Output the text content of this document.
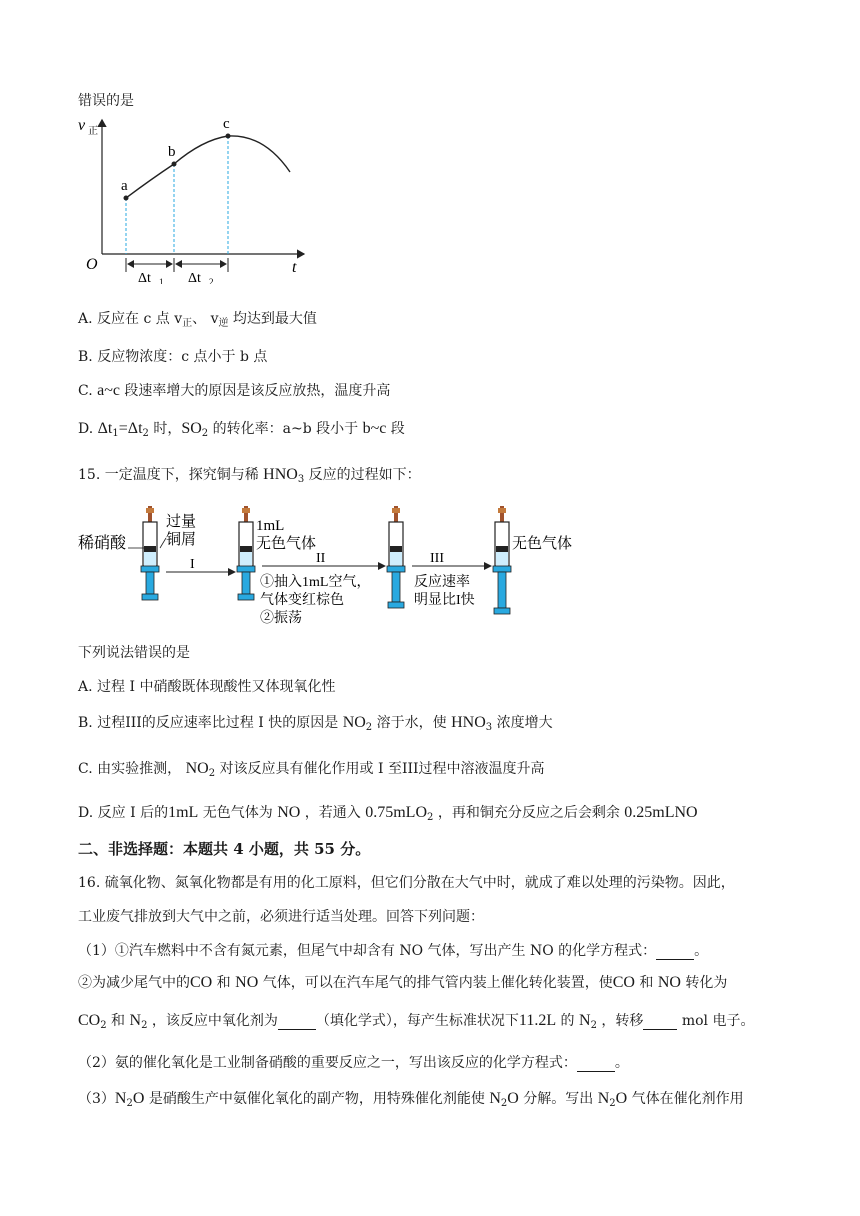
错误的是
v 正
O	t
a
b
c
Δt 1 Δt 2
A. 反应在 c 点 $v_正$、 $v_逆$ 均达到最大值
B. 反应物浓度：c 点小于 b 点
C. a~c 段速率增大的原因是该反应放热，温度升高
D. $\Delta t_1=\Delta t_2$ 时，$SO_2$ 的转化率：a~b 段小于 b~c 段
15. 一定温度下，探究铜与稀 $HNO_3$ 反应的过程如下：
稀硝酸
过量
铜屑
I
1mL
无色气体
II
①抽入1mL空气，
气体变红棕色
②振荡
III
反应速率
明显比I快
无色气体
下列说法错误的是
A. 过程 I 中硝酸既体现酸性又体现氧化性
B. 过程III的反应速率比过程 I 快的原因是 $NO_2$ 溶于水，使 $HNO_3$ 浓度增大
C. 由实验推测， $NO_2$ 对该反应具有催化作用或 I 至III过程中溶液温度升高
D. 反应 I 后的1mL 无色气体为 NO ，若通入 0.75mLO$_2$ ，再和铜充分反应之后会剩余 0.25mLNO
二、非选择题：本题共 4 小题，共 55 分。
16. 硫氧化物、氮氧化物都是有用的化工原料，但它们分散在大气中时，就成了难以处理的污染物。因此，
工业废气排放到大气中之前，必须进行适当处理。回答下列问题：
（1）①汽车燃料中不含有氮元素，但尾气中却含有 NO 气体，写出产生 NO 的化学方程式：	。
②为减少尾气中的CO 和 NO 气体，可以在汽车尾气的排气管内装上催化转化装置，使CO 和 NO 转化为
$CO_2$ 和 $N_2$ ，该反应中氧化剂为	（填化学式），每产生标准状况下11.2L 的 $N_2$ ，转移 mol 电子。
（2）氨的催化氧化是工业制备硝酸的重要反应之一，写出该反应的化学方程式：	。
$(3)N_2O$ 是硝酸生产中氨催化氧化的副产物，用特殊催化剂能使 $N_2O$ 分解。写出 $N_2O$ 气体在催化剂作用
